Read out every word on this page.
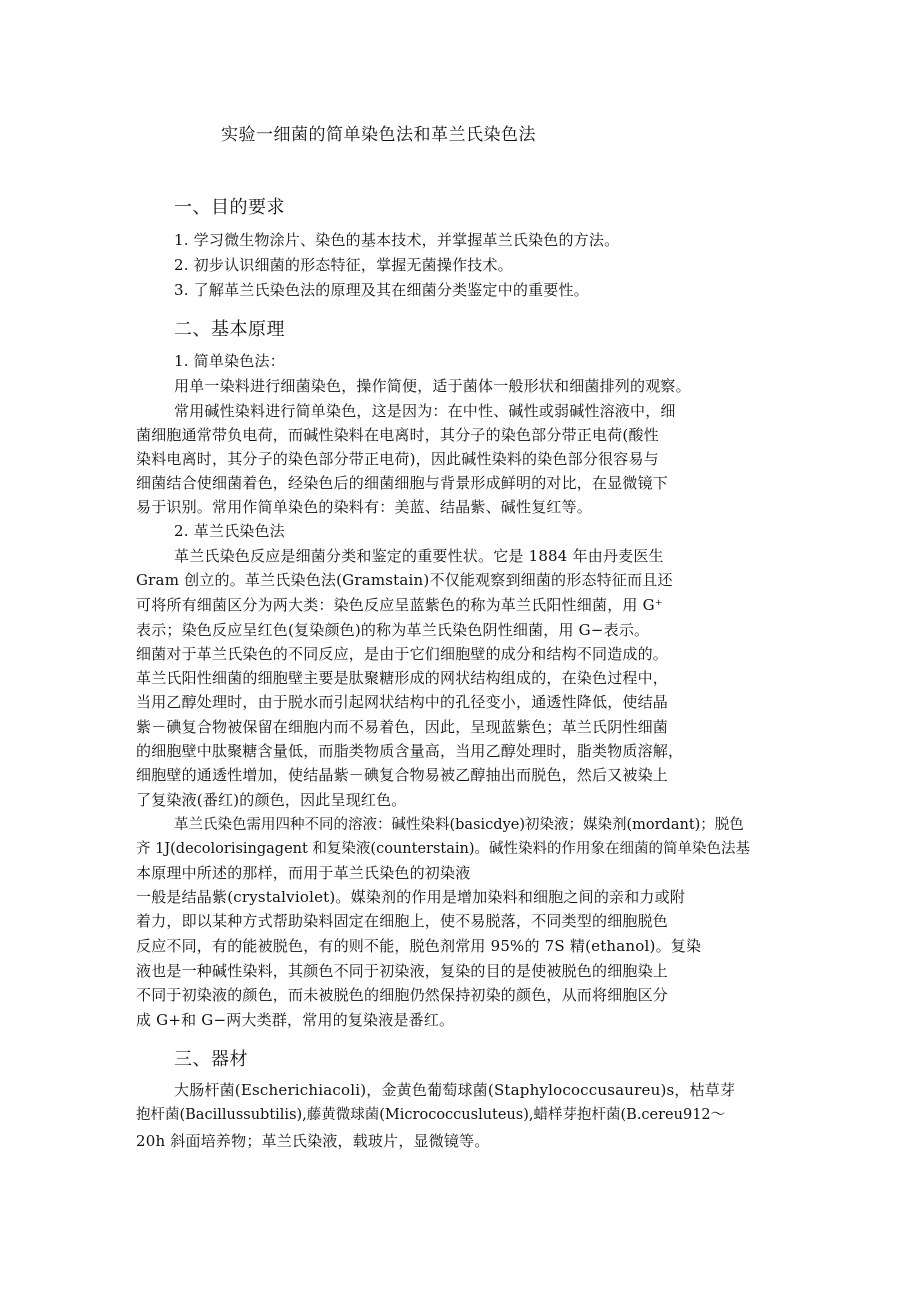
实验一细菌的简单染色法和革兰氏染色法
一、目的要求
1. 学习微生物涂片、染色的基本技术，并掌握革兰氏染色的方法。
2. 初步认识细菌的形态特征，掌握无菌操作技术。
3. 了解革兰氏染色法的原理及其在细菌分类鉴定中的重要性。
二、基本原理
1. 简单染色法：
用单一染料进行细菌染色，操作简便，适于菌体一般形状和细菌排列的观察。
常用碱性染料进行简单染色，这是因为：在中性、碱性或弱碱性溶液中，细
菌细胞通常带负电荷，而碱性染料在电离时，其分子的染色部分带正电荷(酸性
染料电离时，其分子的染色部分带正电荷)，因此碱性染料的染色部分很容易与
细菌结合使细菌着色，经染色后的细菌细胞与背景形成鲜明的对比，在显微镜下
易于识别。常用作简单染色的染料有：美蓝、结晶紫、碱性复红等。
2. 革兰氏染色法
革兰氏染色反应是细菌分类和鉴定的重要性状。它是 1884 年由丹麦医生
Gram 创立的。革兰氏染色法(Gramstain)不仅能观察到细菌的形态特征而且还
可将所有细菌区分为两大类：染色反应呈蓝紫色的称为革兰氏阳性细菌，用 G⁺
表示；染色反应呈红色(复染颜色)的称为革兰氏染色阴性细菌，用 G−表示。
细菌对于革兰氏染色的不同反应，是由于它们细胞壁的成分和结构不同造成的。
革兰氏阳性细菌的细胞壁主要是肽聚糖形成的网状结构组成的，在染色过程中，
当用乙醇处理时，由于脱水而引起网状结构中的孔径变小，通透性降低，使结晶
紫－碘复合物被保留在细胞内而不易着色，因此，呈现蓝紫色；革兰氏阴性细菌
的细胞壁中肽聚糖含量低，而脂类物质含量高，当用乙醇处理时，脂类物质溶解，
细胞壁的通透性增加，使结晶紫－碘复合物易被乙醇抽出而脱色，然后又被染上
了复染液(番红)的颜色，因此呈现红色。
革兰氏染色需用四种不同的溶液：碱性染料(basicdye)初染液；媒染剂(mordant)；脱色
齐 1J(decolorisingagent 和复染液(counterstain)。碱性染料的作用象在细菌的简单染色法基
本原理中所述的那样，而用于革兰氏染色的初染液
一般是结晶紫(crystalviolet)。媒染剂的作用是增加染料和细胞之间的亲和力或附
着力，即以某种方式帮助染料固定在细胞上，使不易脱落，不同类型的细胞脱色
反应不同，有的能被脱色，有的则不能，脱色剂常用 95%的 7S 精(ethanol)。复染
液也是一种碱性染料，其颜色不同于初染液，复染的目的是使被脱色的细胞染上
不同于初染液的颜色，而未被脱色的细胞仍然保持初染的颜色，从而将细胞区分
成 G+和 G−两大类群，常用的复染液是番红。
三、器材
大肠杆菌(Escherichiacoli)，金黄色葡萄球菌(Staphylococcusaureu)s，枯草芽
抱杆菌(Bacillussubtilis),藤黄微球菌(Micrococcusluteus),蜡样芽抱杆菌(B.cereu912～
20h 斜面培养物；革兰氏染液，载玻片，显微镜等。
